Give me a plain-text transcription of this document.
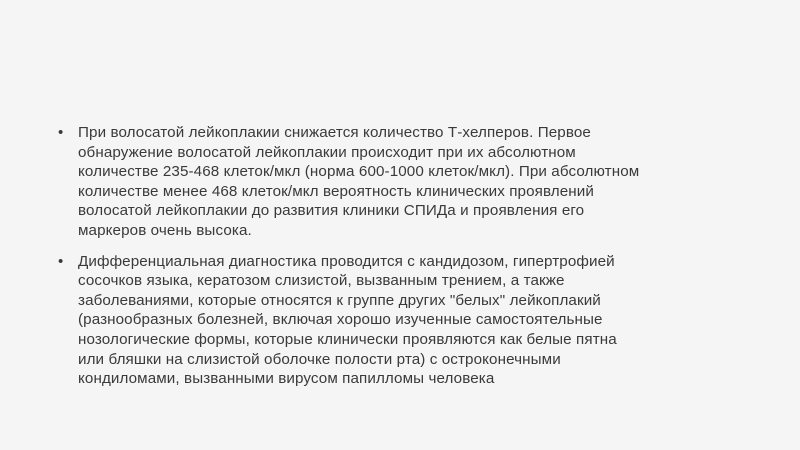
• При волосатой лейкоплакии снижается количество Т-хелперов. Первое
обнаружение волосатой лейкоплакии происходит при их абсолютном
количестве 235-468 клеток/мкл (норма 600-1000 клеток/мкл). При абсолютном
количестве менее 468 клеток/мкл вероятность клинических проявлений
волосатой лейкоплакии до развития клиники СПИДа и проявления его
маркеров очень высока.
• Дифференциальная диагностика проводится с кандидозом, гипертрофией
сосочков языка, кератозом слизистой, вызванным трением, а также
заболеваниями, которые относятся к группе других "белых" лейкоплакий
(разнообразных болезней, включая хорошо изученные самостоятельные
нозологические формы, которые клинически проявляются как белые пятна
или бляшки на слизистой оболочке полости рта) с остроконечными
кондиломами, вызванными вирусом папилломы человека
